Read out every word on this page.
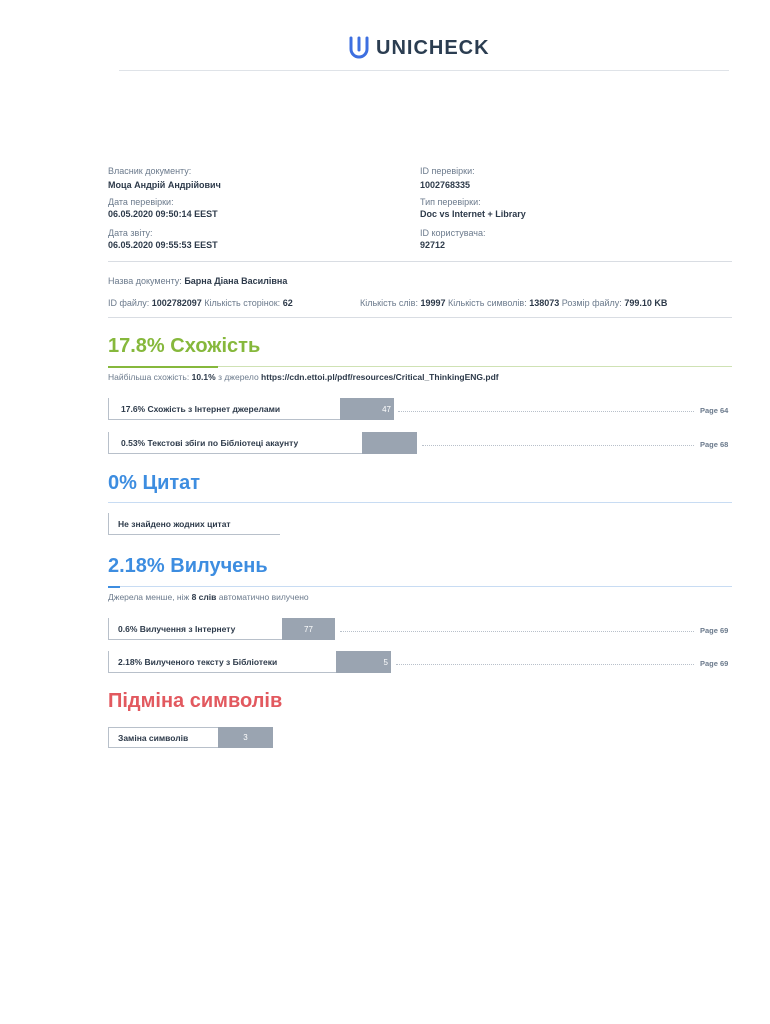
UNICHECK
Власник документу:
Моца Андрій Андрійович
Дата перевірки:
06.05.2020 09:50:14 EEST
Дата звіту:
06.05.2020 09:55:53 EEST
ID перевірки:
1002768335
Тип перевірки:
Doc vs Internet + Library
ID користувача:
92712
Назва документу: Барна Діана Василівна
ID файлу: 1002782097 Кількість сторінок: 62	Кількість слів: 19997 Кількість символів: 138073 Розмір файлу: 799.10 KB
17.8% Схожість
Найбільша схожість: 10.1% з джерело https://cdn.ettoi.pl/pdf/resources/Critical_ThinkingENG.pdf
17.6% Схожість з Інтернет джерелами	47	Page 64
0.53% Текстові збіги по Бібліотеці акаунту	Page 68
0% Цитат
Не знайдено жодних цитат
2.18% Вилучень
Джерела менше, ніж 8 слів автоматично вилучено
0.6% Вилучення з Інтернету	77	Page 69
2.18% Вилученого тексту з Бібліотеки	5	Page 69
Підміна символів
Заміна символів	3
